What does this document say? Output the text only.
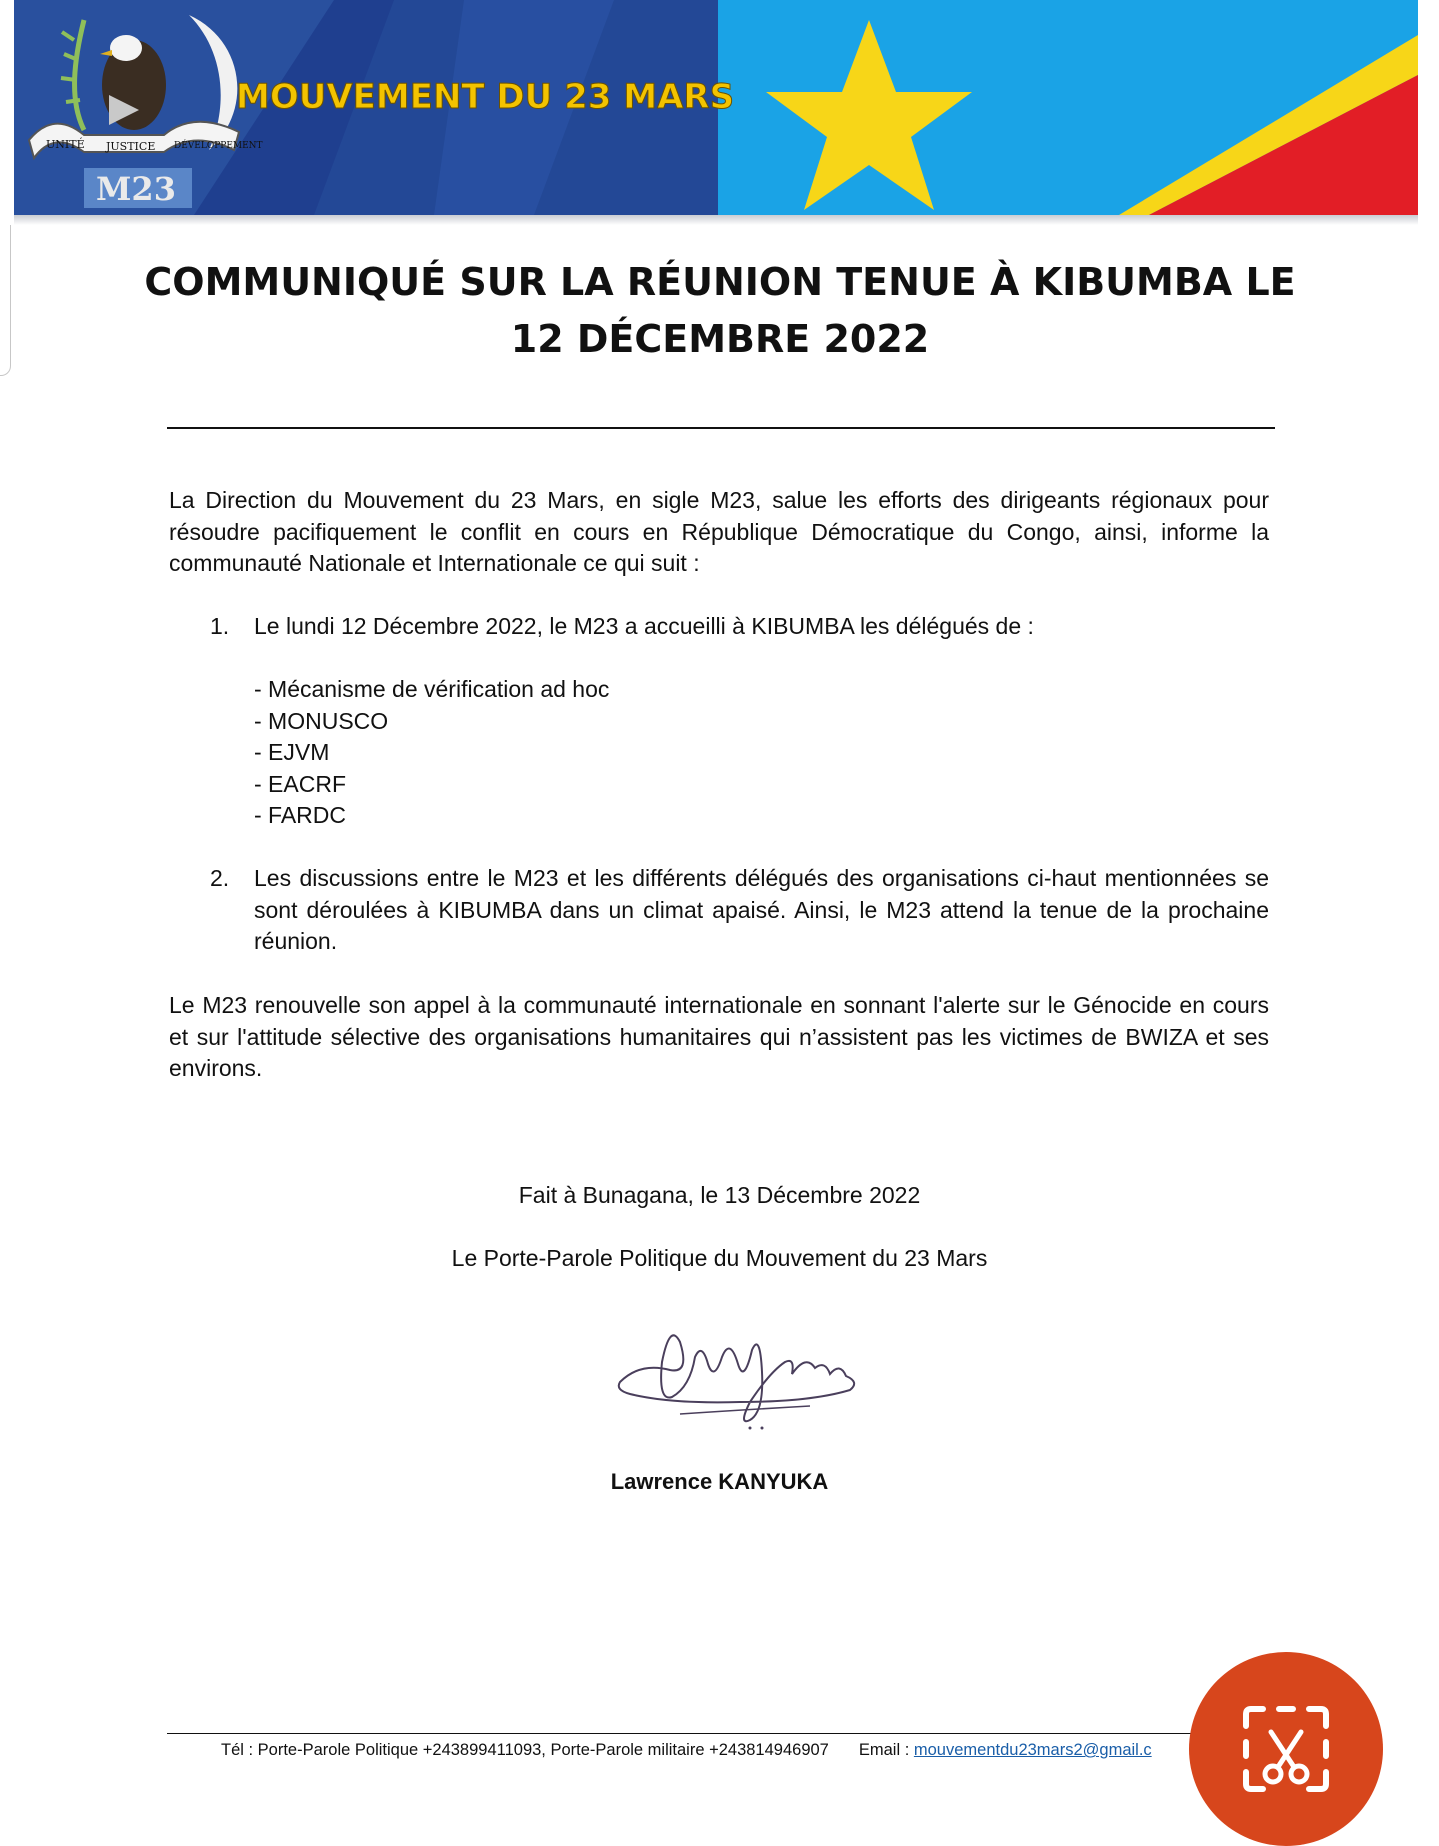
UNITÉ JUSTICE DÉVELOPPEMENT
M23
MOUVEMENT DU 23 MARS
COMMUNIQUÉ SUR LA RÉUNION TENUE À KIBUMBA LE
12 DÉCEMBRE 2022

La Direction du Mouvement du 23 Mars, en sigle M23, salue les efforts des dirigeants régionaux pour résoudre pacifiquement le conflit en cours en République Démocratique du Congo, ainsi, informe la communauté Nationale et Internationale ce qui suit :

1. Le lundi 12 Décembre 2022, le M23 a accueilli à KIBUMBA les délégués de :
- Mécanisme de vérification ad hoc
- MONUSCO
- EJVM
- EACRF
- FARDC
2. Les discussions entre le M23 et les différents délégués des organisations ci-haut mentionnées se sont déroulées à KIBUMBA dans un climat apaisé. Ainsi, le M23 attend la tenue de la prochaine réunion.

Le M23 renouvelle son appel à la communauté internationale en sonnant l'alerte sur le Génocide en cours et sur l'attitude sélective des organisations humanitaires qui n’assistent pas les victimes de BWIZA et ses environs.

Fait à Bunagana, le 13 Décembre 2022
Le Porte-Parole Politique du Mouvement du 23 Mars
Lawrence KANYUKA
Tél : Porte-Parole Politique +243899411093, Porte-Parole militaire +243814946907 Email : mouvementdu23mars2@gmail.c
